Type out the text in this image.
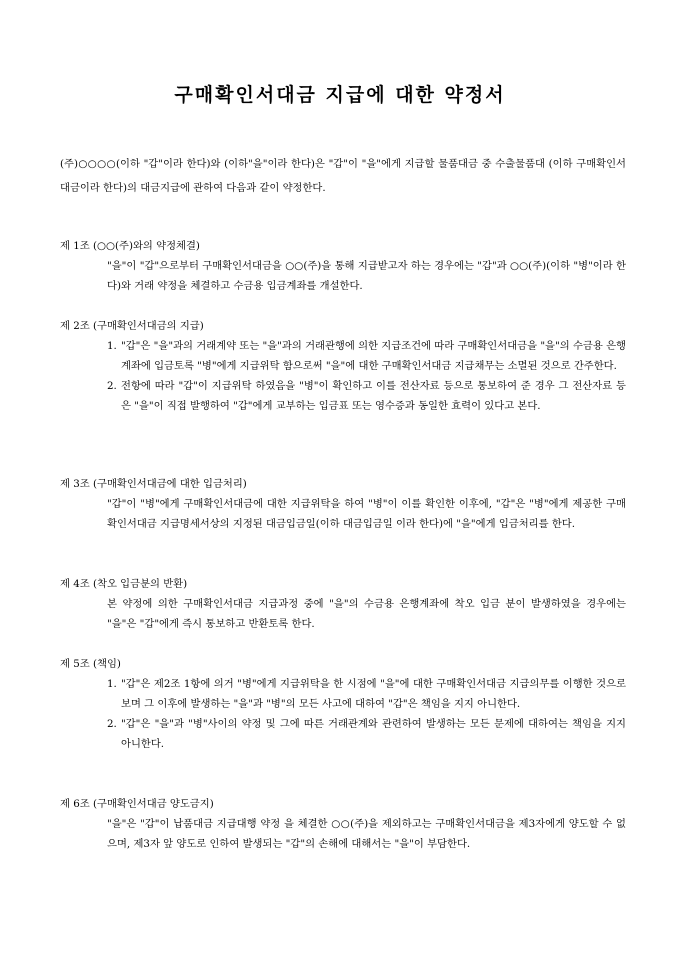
구매확인서대금 지급에 대한 약정서
(주)○○○○(이하 "갑"이라 한다)와 (이하"을"이라 한다)은 "갑"이 "을"에게 지급할 물품대금 중 수출물품대 (이하 구매확인서대금이라 한다)의 대금지급에 관하여 다음과 같이 약정한다.
제 1조 (○○(주)와의 약정체결)
"을"이 "갑"으로부터 구매확인서대금을 ○○(주)을 통해 지급받고자 하는 경우에는 "갑"과 ○○(주)(이하 "병"이라 한다)와 거래 약정을 체결하고 수금용 입금계좌를 개설한다.
제 2조 (구매확인서대금의 지급)
1. "갑"은 "을"과의 거래계약 또는 "을"과의 거래관행에 의한 지급조건에 따라 구매확인서대금을 "을"의 수금용 은행계좌에 입금토록 "병"에게 지급위탁 함으로써 "을"에 대한 구매확인서대금 지급채무는 소멸된 것으로 간주한다.
2. 전항에 따라 "갑"이 지급위탁 하였음을 "병"이 확인하고 이를 전산자료 등으로 통보하여 준 경우 그 전산자료 등은 "을"이 직접 발행하여 "갑"에게 교부하는 입금표 또는 영수증과 동일한 효력이 있다고 본다.
제 3조 (구매확인서대금에 대한 입금처리)
"갑"이 "병"에게 구매확인서대금에 대한 지급위탁을 하여 "병"이 이를 확인한 이후에, "갑"은 "병"에게 제공한 구매확인서대금 지급명세서상의 지정된 대금입금일(이하 대금입금일 이라 한다)에 "을"에게 입금처리를 한다.
제 4조 (착오 입금분의 반환)
본 약정에 의한 구매확인서대금 지급과정 중에 "을"의 수금용 은행계좌에 착오 입금 분이 발생하였을 경우에는 "을"은 "갑"에게 즉시 통보하고 반환토록 한다.
제 5조 (책임)
1. "갑"은 제2조 1항에 의거 "병"에게 지급위탁을 한 시점에 "을"에 대한 구매확인서대금 지급의무를 이행한 것으로 보며 그 이후에 발생하는 "을"과 "병"의 모든 사고에 대하여 "갑"은 책임을 지지 아니한다.
2. "갑"은 "을"과 "병"사이의 약정 및 그에 따른 거래관계와 관련하여 발생하는 모든 문제에 대하여는 책임을 지지 아니한다.
제 6조 (구매확인서대금 양도금지)
"을"은 "갑"이 납품대금 지급대행 약정 을 체결한 ○○(주)을 제외하고는 구매확인서대금을 제3자에게 양도할 수 없으며, 제3자 앞 양도로 인하여 발생되는 "갑"의 손해에 대해서는 "을"이 부담한다.
